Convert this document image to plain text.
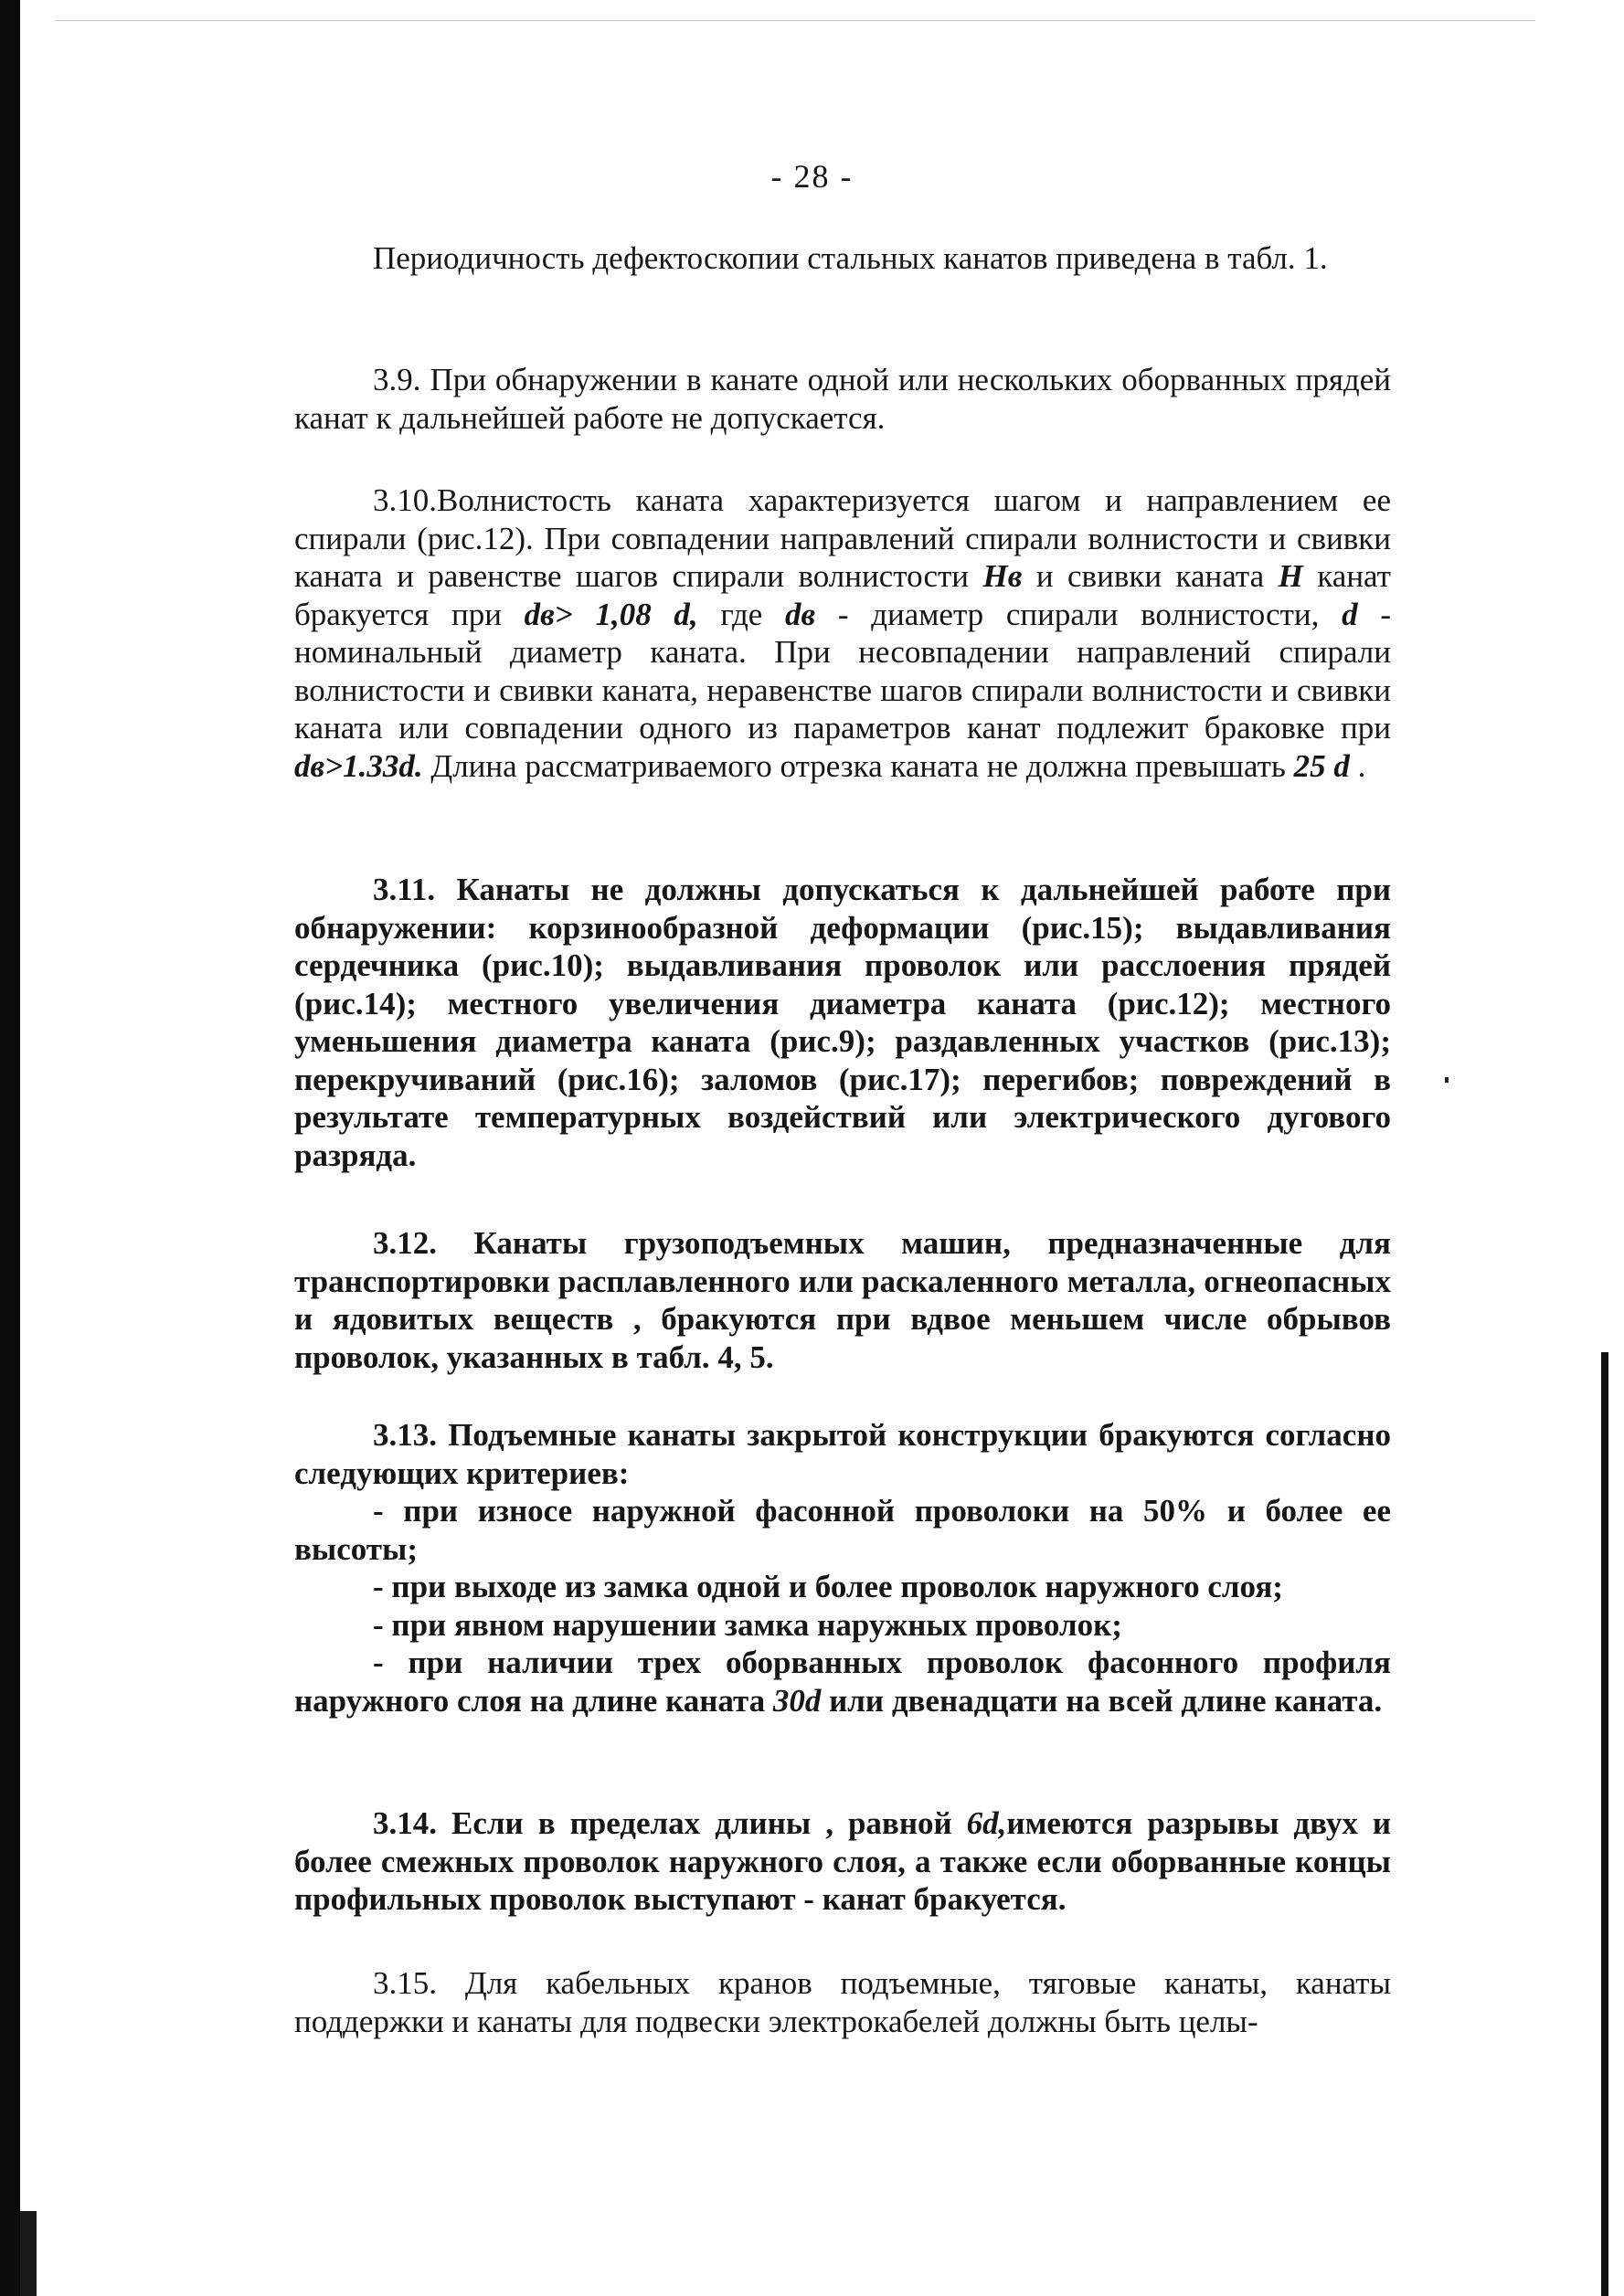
- 28 -

Периодичность дефектоскопии стальных канатов приведена в табл. 1.

3.9. При обнаружении в канате одной или нескольких оборванных прядей канат к дальнейшей работе не допускается.

3.10.Волнистость каната характеризуется шагом и направлением ее спирали (рис.12). При совпадении направлений спирали волнистости и свивки каната и равенстве шагов спирали волнистости Нв и свивки каната Н канат бракуется при dв> 1,08 d, где dв - диаметр спирали волнистости, d - номинальный диаметр каната. При несовпадении направлений спирали волнистости и свивки каната, неравенстве шагов спирали волнистости и свивки каната или совпадении одного из параметров канат подлежит браковке при dв>1.33d. Длина рассматриваемого отрезка каната не должна превышать 25 d .

3.11. Канаты не должны допускаться к дальнейшей работе при обнаружении: корзинообразной деформации (рис.15); выдавливания сердечника (рис.10); выдавливания проволок или расслоения прядей (рис.14); местного увеличения диаметра каната (рис.12); местного уменьшения диаметра каната (рис.9); раздавленных участков (рис.13); перекручиваний (рис.16); заломов (рис.17); перегибов; повреждений в результате температурных воздействий или электрического дугового разряда.

3.12. Канаты грузоподъемных машин, предназначенные для транспортировки расплавленного или раскаленного металла, огнеопасных и ядовитых веществ , бракуются при вдвое меньшем числе обрывов проволок, указанных в табл. 4, 5.

3.13. Подъемные канаты закрытой конструкции бракуются согласно следующих критериев:
- при износе наружной фасонной проволоки на 50% и более ее высоты;
- при выходе из замка одной и более проволок наружного слоя;
- при явном нарушении замка наружных проволок;
- при наличии трех оборванных проволок фасонного профиля наружного слоя на длине каната 30d или двенадцати на всей длине каната.

3.14. Если в пределах длины , равной 6d,имеются разрывы двух и более смежных проволок наружного слоя, а также если оборванные концы профильных проволок выступают - канат бракуется.

3.15. Для кабельных кранов подъемные, тяговые канаты, канаты поддержки и канаты для подвески электрокабелей должны быть целы-
